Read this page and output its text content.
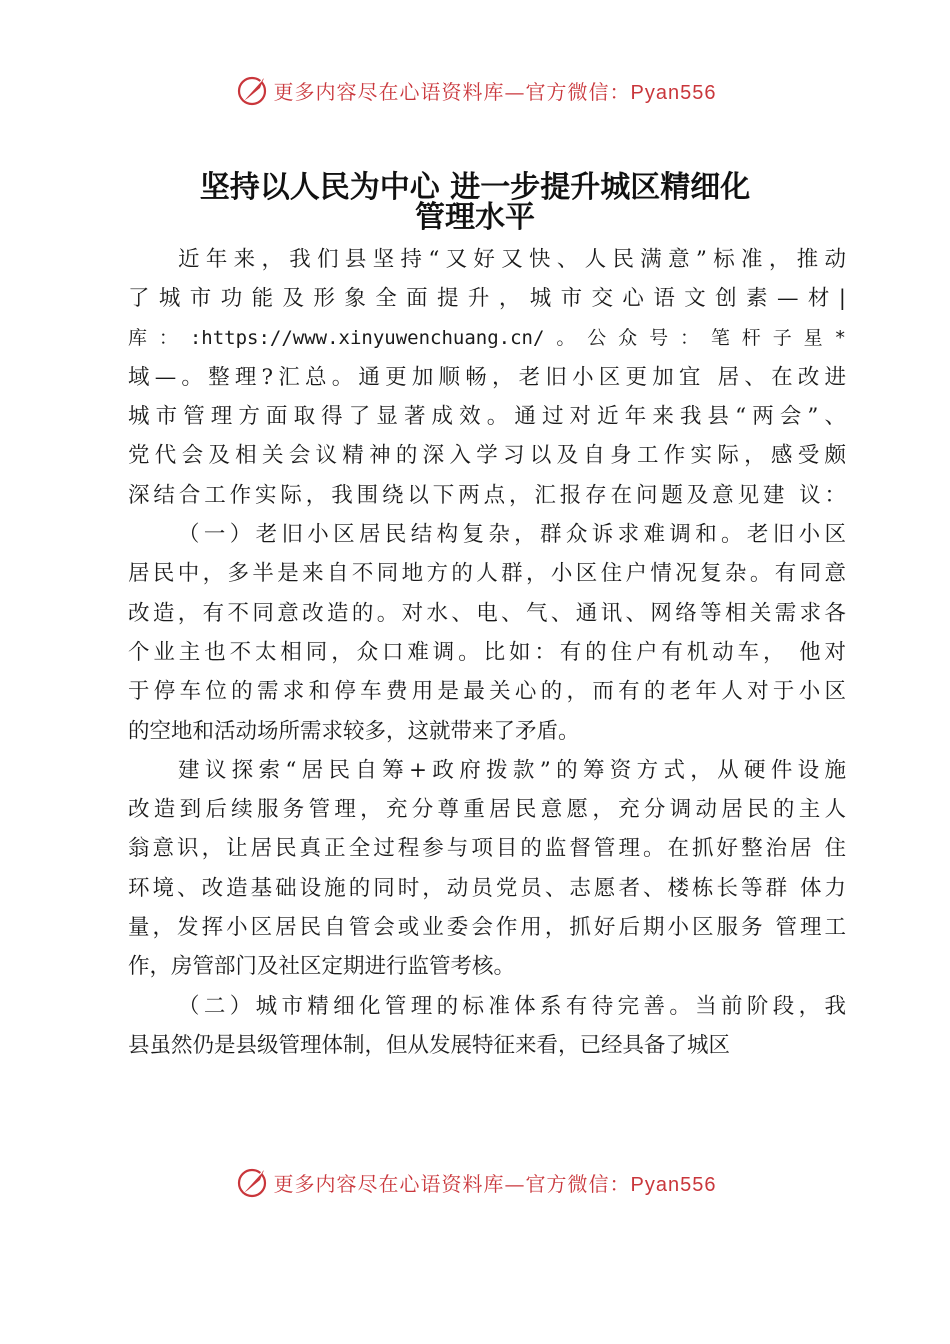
更多内容尽在心语资料库—官方微信：Pyan556
坚持以人民为中心 进一步提升城区精细化
管理水平
近年来，我们县坚持“又好又快、人民满意”标准，推动
了城市功能及形象全面提升，城市交心语文创素—材|
库：:https://www.xinyuwenchuang.cn/。公众号：笔杆子星*
域—。整理?汇总。通更加顺畅，老旧小区更加宜 居、在改进
城市管理方面取得了显著成效。通过对近年来我县“两会”、
党代会及相关会议精神的深入学习以及自身工作实际，感受颇
深结合工作实际，我围绕以下两点，汇报存在问题及意见建 议：
（一）老旧小区居民结构复杂，群众诉求难调和。老旧小区
居民中，多半是来自不同地方的人群，小区住户情况复杂。有同意
改造，有不同意改造的。对水、电、气、通讯、网络等相关需求各
个业主也不太相同，众口难调。比如：有的住户有机动车， 他对
于停车位的需求和停车费用是最关心的，而有的老年人对于小区
的空地和活动场所需求较多，这就带来了矛盾。
建议探索“居民自筹+政府拨款”的筹资方式，从硬件设施
改造到后续服务管理，充分尊重居民意愿，充分调动居民的主人
翁意识，让居民真正全过程参与项目的监督管理。在抓好整治居 住
环境、改造基础设施的同时，动员党员、志愿者、楼栋长等群 体力
量，发挥小区居民自管会或业委会作用，抓好后期小区服务 管理工
作，房管部门及社区定期进行监管考核。
（二）城市精细化管理的标准体系有待完善。当前阶段，我
县虽然仍是县级管理体制，但从发展特征来看，已经具备了城区
更多内容尽在心语资料库—官方微信：Pyan556
